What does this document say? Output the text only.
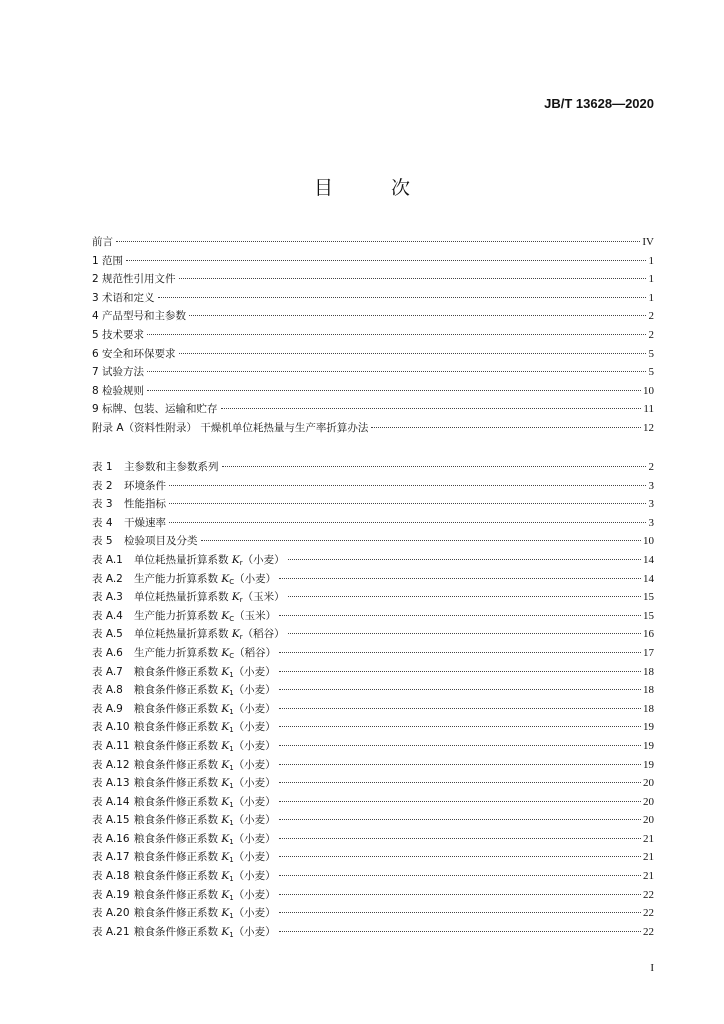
JB/T 13628—2020
目 次
前言	IV
1 范围	1
2 规范性引用文件	1
3 术语和定义	1
4 产品型号和主参数	2
5 技术要求	2
6 安全和环保要求	5
7 试验方法	5
8 检验规则	10
9 标牌、包装、运输和贮存	11
附录 A（资料性附录） 干燥机单位耗热量与生产率折算办法	12
表 1 主参数和主参数系列	2
表 2 环境条件	3
表 3 性能指标	3
表 4 干燥速率	3
表 5 检验项目及分类	10
表 A.1 单位耗热量折算系数 $K_r$（小麦）	14
表 A.2 生产能力折算系数 $K_C$（小麦）	14
表 A.3 单位耗热量折算系数 $K_r$（玉米）	15
表 A.4 生产能力折算系数 $K_C$（玉米）	15
表 A.5 单位耗热量折算系数 $K_r$（稻谷）	16
表 A.6 生产能力折算系数 $K_C$（稻谷）	17
表 A.7 粮食条件修正系数 $K_1$（小麦）	18
表 A.8 粮食条件修正系数 $K_1$（小麦）	18
表 A.9 粮食条件修正系数 $K_1$（小麦）	18
表 A.10 粮食条件修正系数 $K_1$（小麦）	19
表 A.11 粮食条件修正系数 $K_1$（小麦）	19
表 A.12 粮食条件修正系数 $K_1$（小麦）	19
表 A.13 粮食条件修正系数 $K_1$（小麦）	20
表 A.14 粮食条件修正系数 $K_1$（小麦）	20
表 A.15 粮食条件修正系数 $K_1$（小麦）	20
表 A.16 粮食条件修正系数 $K_1$（小麦）	21
表 A.17 粮食条件修正系数 $K_1$（小麦）	21
表 A.18 粮食条件修正系数 $K_1$（小麦）	21
表 A.19 粮食条件修正系数 $K_1$（小麦）	22
表 A.20 粮食条件修正系数 $K_1$（小麦）	22
表 A.21 粮食条件修正系数 $K_1$（小麦）	22
I
